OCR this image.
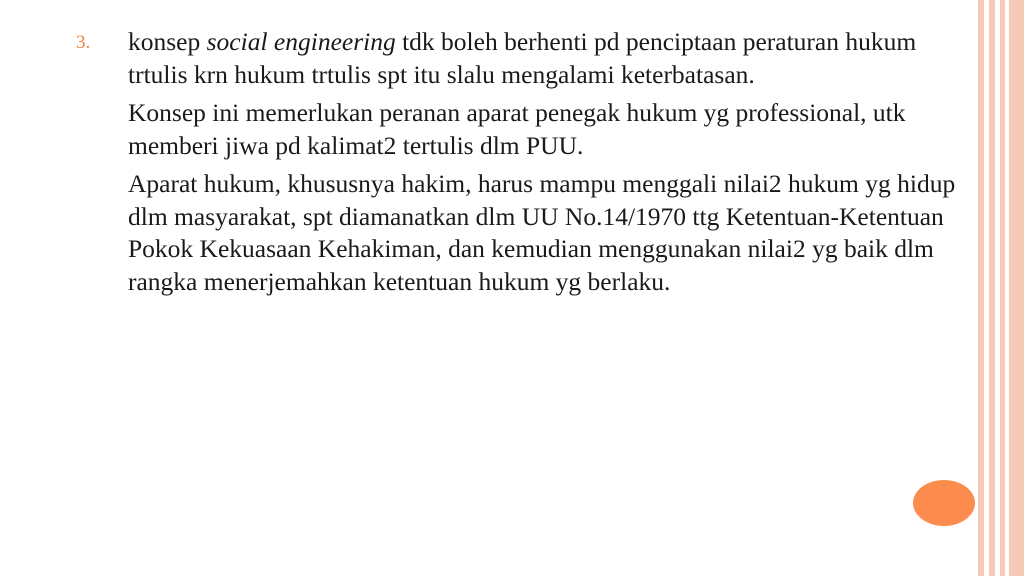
3. konsep social engineering tdk boleh berhenti pd penciptaan peraturan hukum trtulis krn hukum trtulis spt itu slalu mengalami keterbatasan.

Konsep ini memerlukan peranan aparat penegak hukum yg professional, utk memberi jiwa pd kalimat2 tertulis dlm PUU.

Aparat hukum, khususnya hakim, harus mampu menggali nilai2 hukum yg hidup dlm masyarakat, spt diamanatkan dlm UU No.14/1970 ttg Ketentuan-Ketentuan Pokok Kekuasaan Kehakiman, dan kemudian menggunakan nilai2 yg baik dlm rangka menerjemahkan ketentuan hukum yg berlaku.
